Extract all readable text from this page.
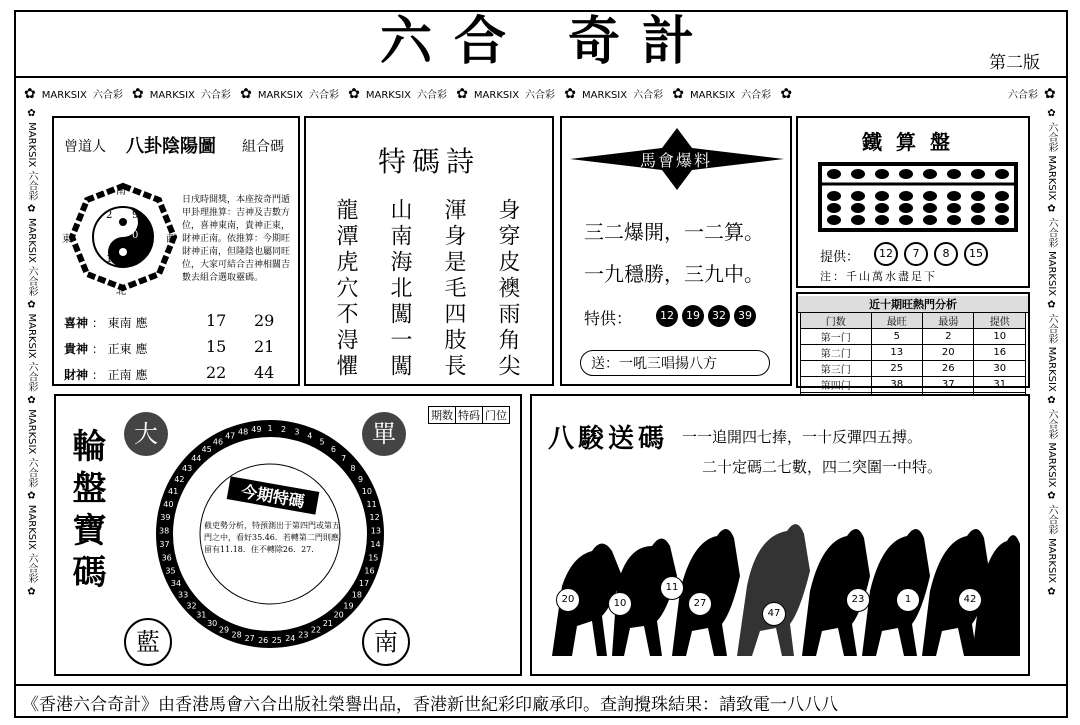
六合 奇計	第二版
✿ MARKSIX 六合彩 ✿ MARKSIX 六合彩 ✿ MARKSIX 六合彩 ✿ MARKSIX 六合彩 ✿ MARKSIX 六合彩 ✿ MARKSIX 六合彩 ✿ MARKSIX 六合彩 ✿	六合彩 ✿
✿ MARKSIX 六合彩 ✿ MARKSIX 六合彩 ✿ MARKSIX 六合彩 ✿ MARKSIX 六合彩 ✿ MARKSIX 六合彩 ✿	✿ 六合彩 MARKSIX ✿ 六合彩 MARKSIX ✿ 六合彩 MARKSIX ✿ 六合彩 MARKSIX ✿ 六合彩 MARKSIX ✿
曾道人 八卦陰陽圖 組合碼
南
北
東	西
9
2
1 8
0
日戌時開獎，本座按奇門遁甲卦理推算：吉神及吉數方位，喜神東南，貴神正東，財神正南。依推算：今期旺財神正南，但隆陰也屬同旺位，大家可結合吉神相關吉數去組合選取靈碼。
喜神 ： 東南 應	17 29
貴神 ： 正東 應	15 21
財神 ： 正南 應	22 44
特碼詩
身穿皮襖雨角尖
渾身是毛四肢長
山南海北闖一闖
龍潭虎穴不淂懼
馬會爆料
三二爆開，一二算。
一九穩勝，三九中。
特供：	12 19 32 39
送：一吼三唱揚八方
鐵算盤
提供：	12 7 8 15
注：千山萬水盡足下
近十期旺熱門分析
门数	最旺	最弱	提供
第一门	5	2	10
第二门	13	20	16
第三门	25	26	30
第四门	38	37	31

輪盤寶碼	大	單
藍	南
期数 特码 门位
1 2 3 4
5
6
7
8
9
10
11
12
13
14
15
16
17
18
19
20
21
22
23
24
25
26
27
28
29
30
31
32
33
34
35
36
37
38
39
40
41
42
43
44
45
46
47 48 49
今期特碼
截吏勢分析，特預測出于第四門或第五門之中，看好35.46．若轉第二門則應留有11.18．住不轉除26．27．
八駿送碼 一一追開四七捧，一十反彈四五搏。
二十定碼二七數，四二突圍一中特。
20	10
11
27
47
23	1	42
《香港六合奇計》由香港馬會六合出版社榮譽出品，香港新世紀彩印廠承印。查詢攪珠結果：請致電一八八八
